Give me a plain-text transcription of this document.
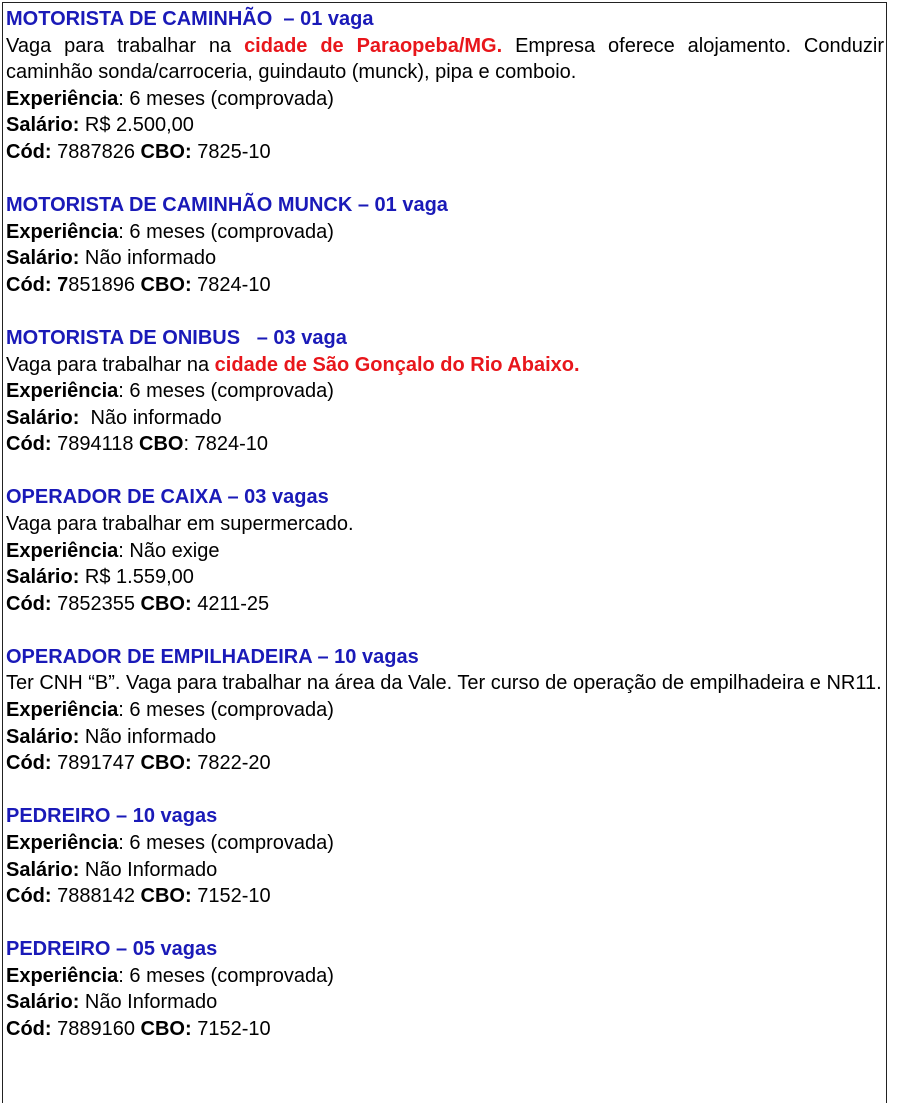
MOTORISTA DE CAMINHÃO  – 01 vaga
Vaga para trabalhar na cidade de Paraopeba/MG. Empresa oferece alojamento. Conduzir caminhão sonda/carroceria, guindauto (munck), pipa e comboio.
Experiência: 6 meses (comprovada)
Salário: R$ 2.500,00
Cód: 7887826 CBO: 7825-10
MOTORISTA DE CAMINHÃO MUNCK – 01 vaga
Experiência: 6 meses (comprovada)
Salário: Não informado
Cód: 7851896 CBO: 7824-10
MOTORISTA DE ONIBUS   – 03 vaga
Vaga para trabalhar na cidade de São Gonçalo do Rio Abaixo.
Experiência: 6 meses (comprovada)
Salário:  Não informado
Cód: 7894118 CBO: 7824-10
OPERADOR DE CAIXA – 03 vagas
Vaga para trabalhar em supermercado.
Experiência: Não exige
Salário: R$ 1.559,00
Cód: 7852355 CBO: 4211-25
OPERADOR DE EMPILHADEIRA – 10 vagas
Ter CNH “B”. Vaga para trabalhar na área da Vale. Ter curso de operação de empilhadeira e NR11.
Experiência: 6 meses (comprovada)
Salário: Não informado
Cód: 7891747 CBO: 7822-20
PEDREIRO – 10 vagas
Experiência: 6 meses (comprovada)
Salário: Não Informado
Cód: 7888142 CBO: 7152-10
PEDREIRO – 05 vagas
Experiência: 6 meses (comprovada)
Salário: Não Informado
Cód: 7889160 CBO: 7152-10
